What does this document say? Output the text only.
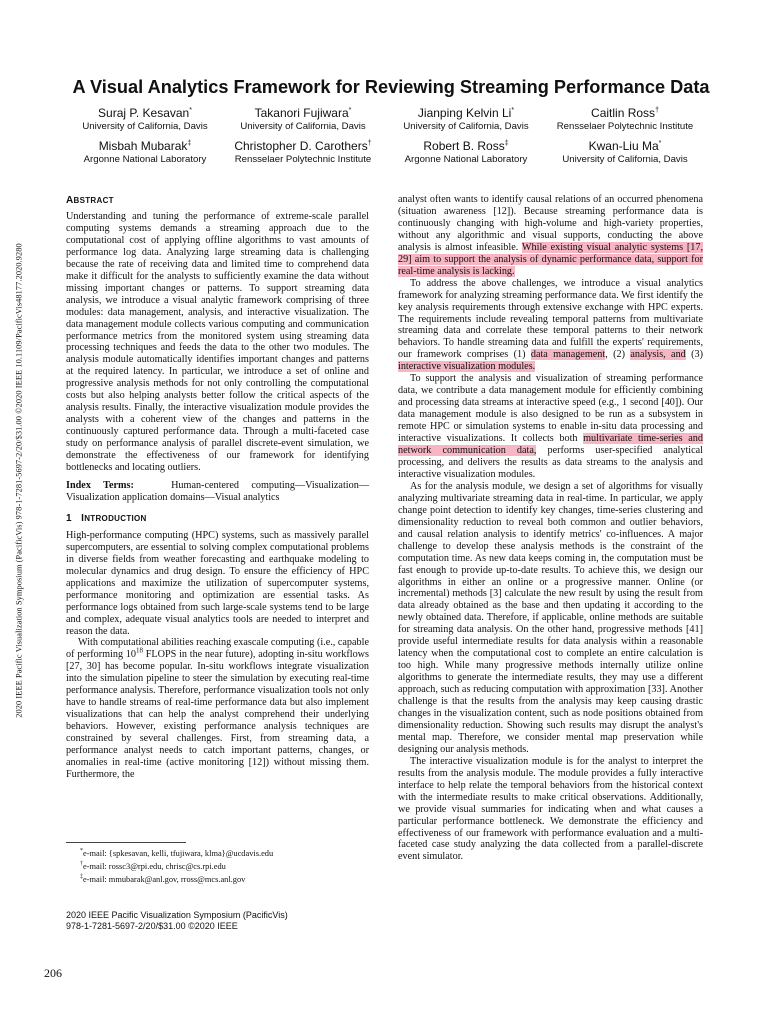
2020 IEEE Pacific Visualization Symposium (PacificVis) 978-1-7281-5697-2/20/$31.00 ©2020 IEEE 10.1109/PacificVis48177.2020.9280
A Visual Analytics Framework for Reviewing Streaming Performance Data
Suraj P. Kesavan*
University of California, Davis
Takanori Fujiwara*
University of California, Davis
Jianping Kelvin Li*
University of California, Davis
Caitlin Ross†
Rensselaer Polytechnic Institute
Misbah Mubarak‡
Argonne National Laboratory
Christopher D. Carothers†
Rensselaer Polytechnic Institute
Robert B. Ross‡
Argonne National Laboratory
Kwan-Liu Ma*
University of California, Davis
ABSTRACT

Understanding and tuning the performance of extreme-scale parallel computing systems demands a streaming approach due to the computational cost of applying offline algorithms to vast amounts of performance log data. Analyzing large streaming data is challenging because the rate of receiving data and limited time to comprehend data make it difficult for the analysts to sufficiently examine the data without missing important changes or patterns. To support streaming data analysis, we introduce a visual analytic framework comprising of three modules: data management, analysis, and interactive visualization. The data management module collects various computing and communication performance metrics from the monitored system using streaming data processing techniques and feeds the data to the other two modules. The analysis module automatically identifies important changes and patterns at the required latency. In particular, we introduce a set of online and progressive analysis methods for not only controlling the computational costs but also helping analysts better follow the critical aspects of the analysis results. Finally, the interactive visualization module provides the analysts with a coherent view of the changes and patterns in the continuously captured performance data. Through a multi-faceted case study on performance analysis of parallel discrete-event simulation, we demonstrate the effectiveness of our framework for identifying bottlenecks and locating outliers.

Index Terms:	Human-centered computing—Visualization—Visualization application domains—Visual analytics

1 INTRODUCTION

High-performance computing (HPC) systems, such as massively parallel supercomputers, are essential to solving complex computational problems in diverse fields from weather forecasting and earthquake modeling to molecular dynamics and drug design. To ensure the efficiency of HPC applications and maximize the utilization of supercomputer systems, performance monitoring and optimization are essential tasks. As performance logs obtained from such large-scale systems tend to be large and complex, adequate visual analytics tools are needed to interpret and reason the data.

With computational abilities reaching exascale computing (i.e., capable of performing $10^{18}$ FLOPS in the near future), adopting in-situ workflows [27, 30] has become popular. In-situ workflows integrate visualization into the simulation pipeline to steer the simulation by executing real-time performance analysis. Therefore, performance visualization tools not only have to handle streams of real-time performance data but also implement visualizations that can help the analyst comprehend their underlying behaviors. However, existing performance analysis techniques are constrained by several challenges. First, from streaming data, a performance analyst needs to catch important patterns, changes, or anomalies in real-time (active monitoring [12]) without missing them. Furthermore, the

*e-mail: {spkesavan, kelli, tfujiwara, klma}@ucdavis.edu
†e-mail: rossc3@rpi.edu, chrisc@cs.rpi.edu
‡e-mail: mmubarak@anl.gov, rross@mcs.anl.gov
2020 IEEE Pacific Visualization Symposium (PacificVis)
978-1-7281-5697-2/20/$31.00 ©2020 IEEE
206

analyst often wants to identify causal relations of an occurred phenomena (situation awareness [12]). Because streaming performance data is continuously changing with high-volume and high-variety properties, without any algorithmic and visual supports, conducting the above analysis is almost infeasible. While existing visual analytic systems [17, 29] aim to support the analysis of dynamic performance data, support for real-time analysis is lacking.

To address the above challenges, we introduce a visual analytics framework for analyzing streaming performance data. We first identify the key analysis requirements through extensive exchange with HPC experts. The requirements include revealing temporal patterns from multivariate streaming data and correlate these temporal patterns to their network behaviors. To handle streaming data and fulfill the experts' requirements, our framework comprises (1) data management, (2) analysis, and (3) interactive visualization modules.

To support the analysis and visualization of streaming performance data, we contribute a data management module for efficiently combining and processing data streams at interactive speed (e.g., 1 second [40]). Our data management module is also designed to be run as a subsystem in remote HPC or simulation systems to enable in-situ data processing and interactive visualizations. It collects both multivariate time-series and network communication data, performs user-specified analytical processing, and delivers the results as data streams to the analysis and interactive visualization modules.

As for the analysis module, we design a set of algorithms for visually analyzing multivariate streaming data in real-time. In particular, we apply change point detection to identify key changes, time-series clustering and dimensionality reduction to reveal both common and outlier behaviors, and causal relation analysis to identify metrics' co-influences. A major challenge to develop these analysis methods is the constraint of the computation time. As new data keeps coming in, the computation must be fast enough to provide up-to-date results. To achieve this, we design our algorithms in either an online or a progressive manner. Online (or incremental) methods [3] calculate the new result by using the result from data already obtained as the base and then updating it according to the newly obtained data. Therefore, if applicable, online methods are suitable for streaming data analysis. On the other hand, progressive methods [41] provide useful intermediate results for data analysis within a reasonable latency when the computational cost to complete an entire calculation is too high. While many progressive methods internally utilize online algorithms to generate the intermediate results, they may use a different approach, such as reducing computation with approximation [33]. Another challenge is that the results from the analysis may keep causing drastic changes in the visualization content, such as node positions obtained from dimensionality reduction. Showing such results may disrupt the analyst's mental map. Therefore, we consider mental map preservation while designing our analysis methods.

The interactive visualization module is for the analyst to interpret the results from the analysis module. The module provides a fully interactive interface to help relate the temporal behaviors from the historical context with the intermediate results to make critical observations. Additionally, we provide visual summaries for indicating when and what causes a particular performance bottleneck. We demonstrate the efficiency and effectiveness of our framework with performance evaluation and a multi-faceted case study analyzing the data collected from a parallel-discrete event simulator.
